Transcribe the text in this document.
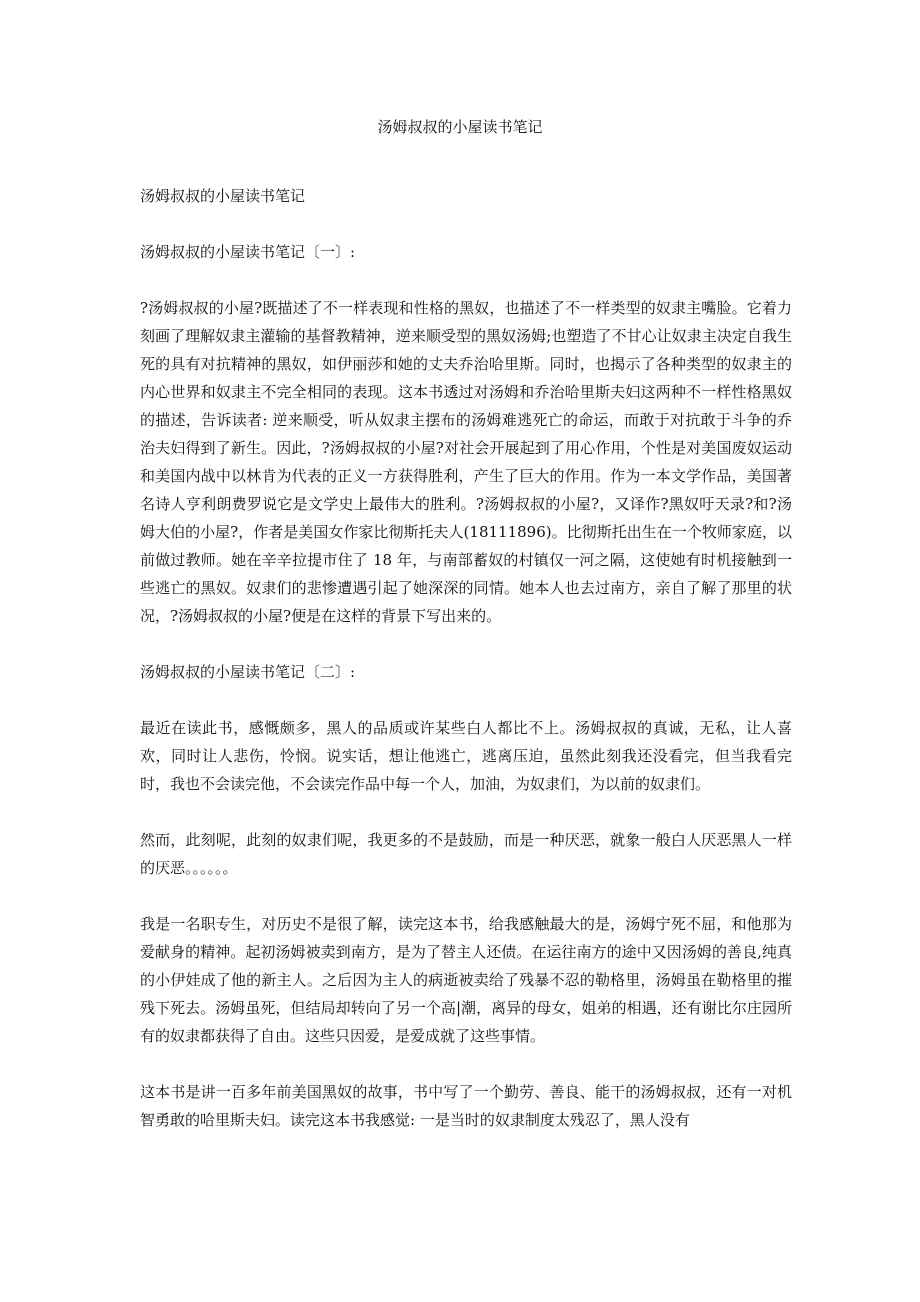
汤姆叔叔的小屋读书笔记

汤姆叔叔的小屋读书笔记

汤姆叔叔的小屋读书笔记〔一〕:

?汤姆叔叔的小屋?既描述了不一样表现和性格的黑奴，也描述了不一样类型的奴隶主嘴脸。它着力刻画了理解奴隶主灌输的基督教精神，逆来顺受型的黑奴汤姆;也塑造了不甘心让奴隶主决定自我生死的具有对抗精神的黑奴，如伊丽莎和她的丈夫乔治哈里斯。同时，也揭示了各种类型的奴隶主的内心世界和奴隶主不完全相同的表现。这本书透过对汤姆和乔治哈里斯夫妇这两种不一样性格黑奴的描述，告诉读者: 逆来顺受，听从奴隶主摆布的汤姆难逃死亡的命运，而敢于对抗敢于斗争的乔治夫妇得到了新生。因此，?汤姆叔叔的小屋?对社会开展起到了用心作用，个性是对美国废奴运动和美国内战中以林肯为代表的正义一方获得胜利，产生了巨大的作用。作为一本文学作品，美国著名诗人亨利朗费罗说它是文学史上最伟大的胜利。?汤姆叔叔的小屋?，又译作?黑奴吁天录?和?汤姆大伯的小屋?，作者是美国女作家比彻斯托夫人(18111896)。比彻斯托出生在一个牧师家庭，以前做过教师。她在辛辛拉提市住了 18 年，与南部蓄奴的村镇仅一河之隔，这使她有时机接触到一些逃亡的黑奴。奴隶们的悲惨遭遇引起了她深深的同情。她本人也去过南方，亲自了解了那里的状况，?汤姆叔叔的小屋?便是在这样的背景下写出来的。

汤姆叔叔的小屋读书笔记〔二〕:

最近在读此书，感慨颇多，黑人的品质或许某些白人都比不上。汤姆叔叔的真诚，无私，让人喜欢，同时让人悲伤，怜悯。说实话，想让他逃亡，逃离压迫，虽然此刻我还没看完，但当我看完时，我也不会读完他，不会读完作品中每一个人，加油，为奴隶们，为以前的奴隶们。

然而，此刻呢，此刻的奴隶们呢，我更多的不是鼓励，而是一种厌恶，就象一般白人厌恶黑人一样的厌恶。。。。。。

我是一名职专生，对历史不是很了解，读完这本书，给我感触最大的是，汤姆宁死不屈，和他那为爱献身的精神。起初汤姆被卖到南方，是为了替主人还债。在运往南方的途中又因汤姆的善良,纯真的小伊娃成了他的新主人。之后因为主人的病逝被卖给了残暴不忍的勒格里，汤姆虽在勒格里的摧残下死去。汤姆虽死，但结局却转向了另一个高|潮，离异的母女，姐弟的相遇，还有谢比尔庄园所有的奴隶都获得了自由。这些只因爱，是爱成就了这些事情。

这本书是讲一百多年前美国黑奴的故事，书中写了一个勤劳、善良、能干的汤姆叔叔，还有一对机智勇敢的哈里斯夫妇。读完这本书我感觉: 一是当时的奴隶制度太残忍了，黑人没有
